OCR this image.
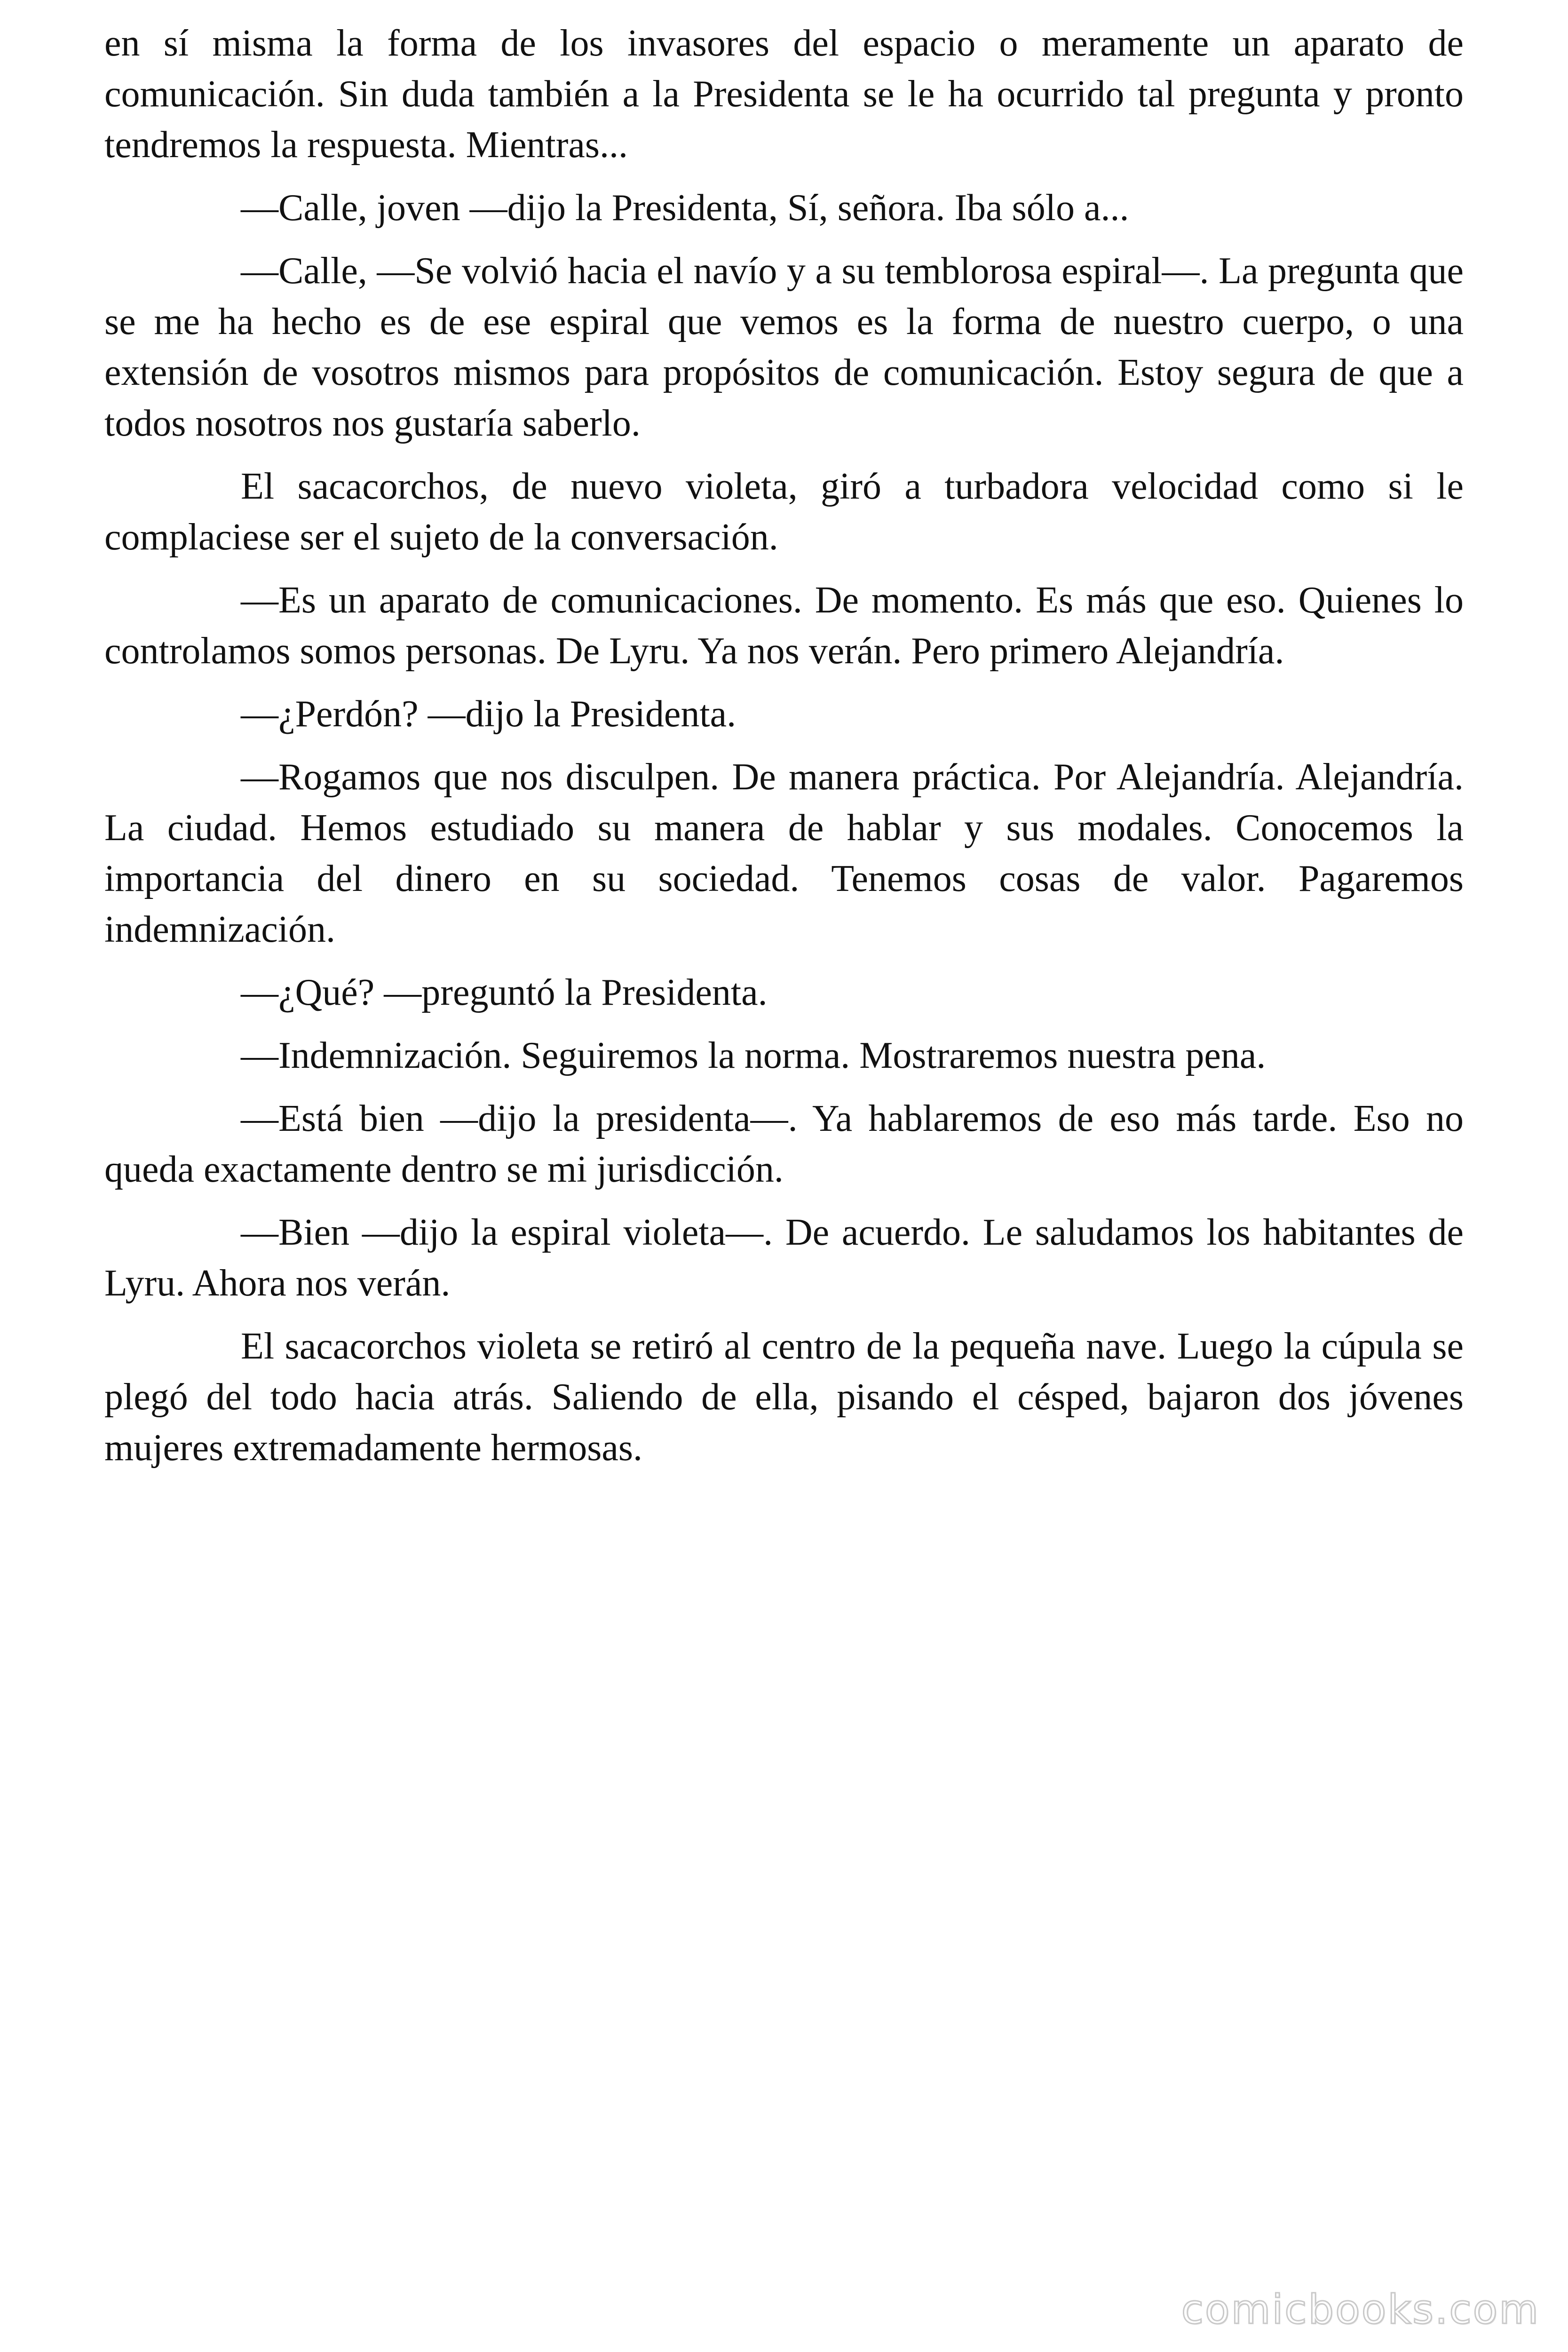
en sí misma la forma de los invasores del espacio o meramente un aparato de comunicación. Sin duda también a la Presidenta se le ha ocurrido tal pregunta y pronto tendremos la respuesta. Mientras...

—Calle, joven —dijo la Presidenta, Sí, señora. Iba sólo a...

—Calle, —Se volvió hacia el navío y a su temblorosa espiral—. La pregunta que se me ha hecho es de ese espiral que vemos es la forma de nuestro cuerpo, o una extensión de vosotros mismos para propósitos de comunicación. Estoy segura de que a todos nosotros nos gustaría saberlo.

El sacacorchos, de nuevo violeta, giró a turbadora velocidad como si le complaciese ser el sujeto de la conversación.

—Es un aparato de comunicaciones. De momento. Es más que eso. Quienes lo controlamos somos personas. De Lyru. Ya nos verán. Pero primero Alejandría.

—¿Perdón? —dijo la Presidenta.

—Rogamos que nos disculpen. De manera práctica. Por Alejandría. Alejandría. La ciudad. Hemos estudiado su manera de hablar y sus modales. Conocemos la importancia del dinero en su sociedad. Tenemos cosas de valor. Pagaremos indemnización.

—¿Qué? —preguntó la Presidenta.

—Indemnización. Seguiremos la norma. Mostraremos nuestra pena.

—Está bien —dijo la presidenta—. Ya hablaremos de eso más tarde. Eso no queda exactamente dentro se mi jurisdicción.

—Bien —dijo la espiral violeta—. De acuerdo. Le saludamos los habitantes de Lyru. Ahora nos verán.

El sacacorchos violeta se retiró al centro de la pequeña nave. Luego la cúpula se plegó del todo hacia atrás. Saliendo de ella, pisando el césped, bajaron dos jóvenes mujeres extremadamente hermosas.

comicbooks.com
